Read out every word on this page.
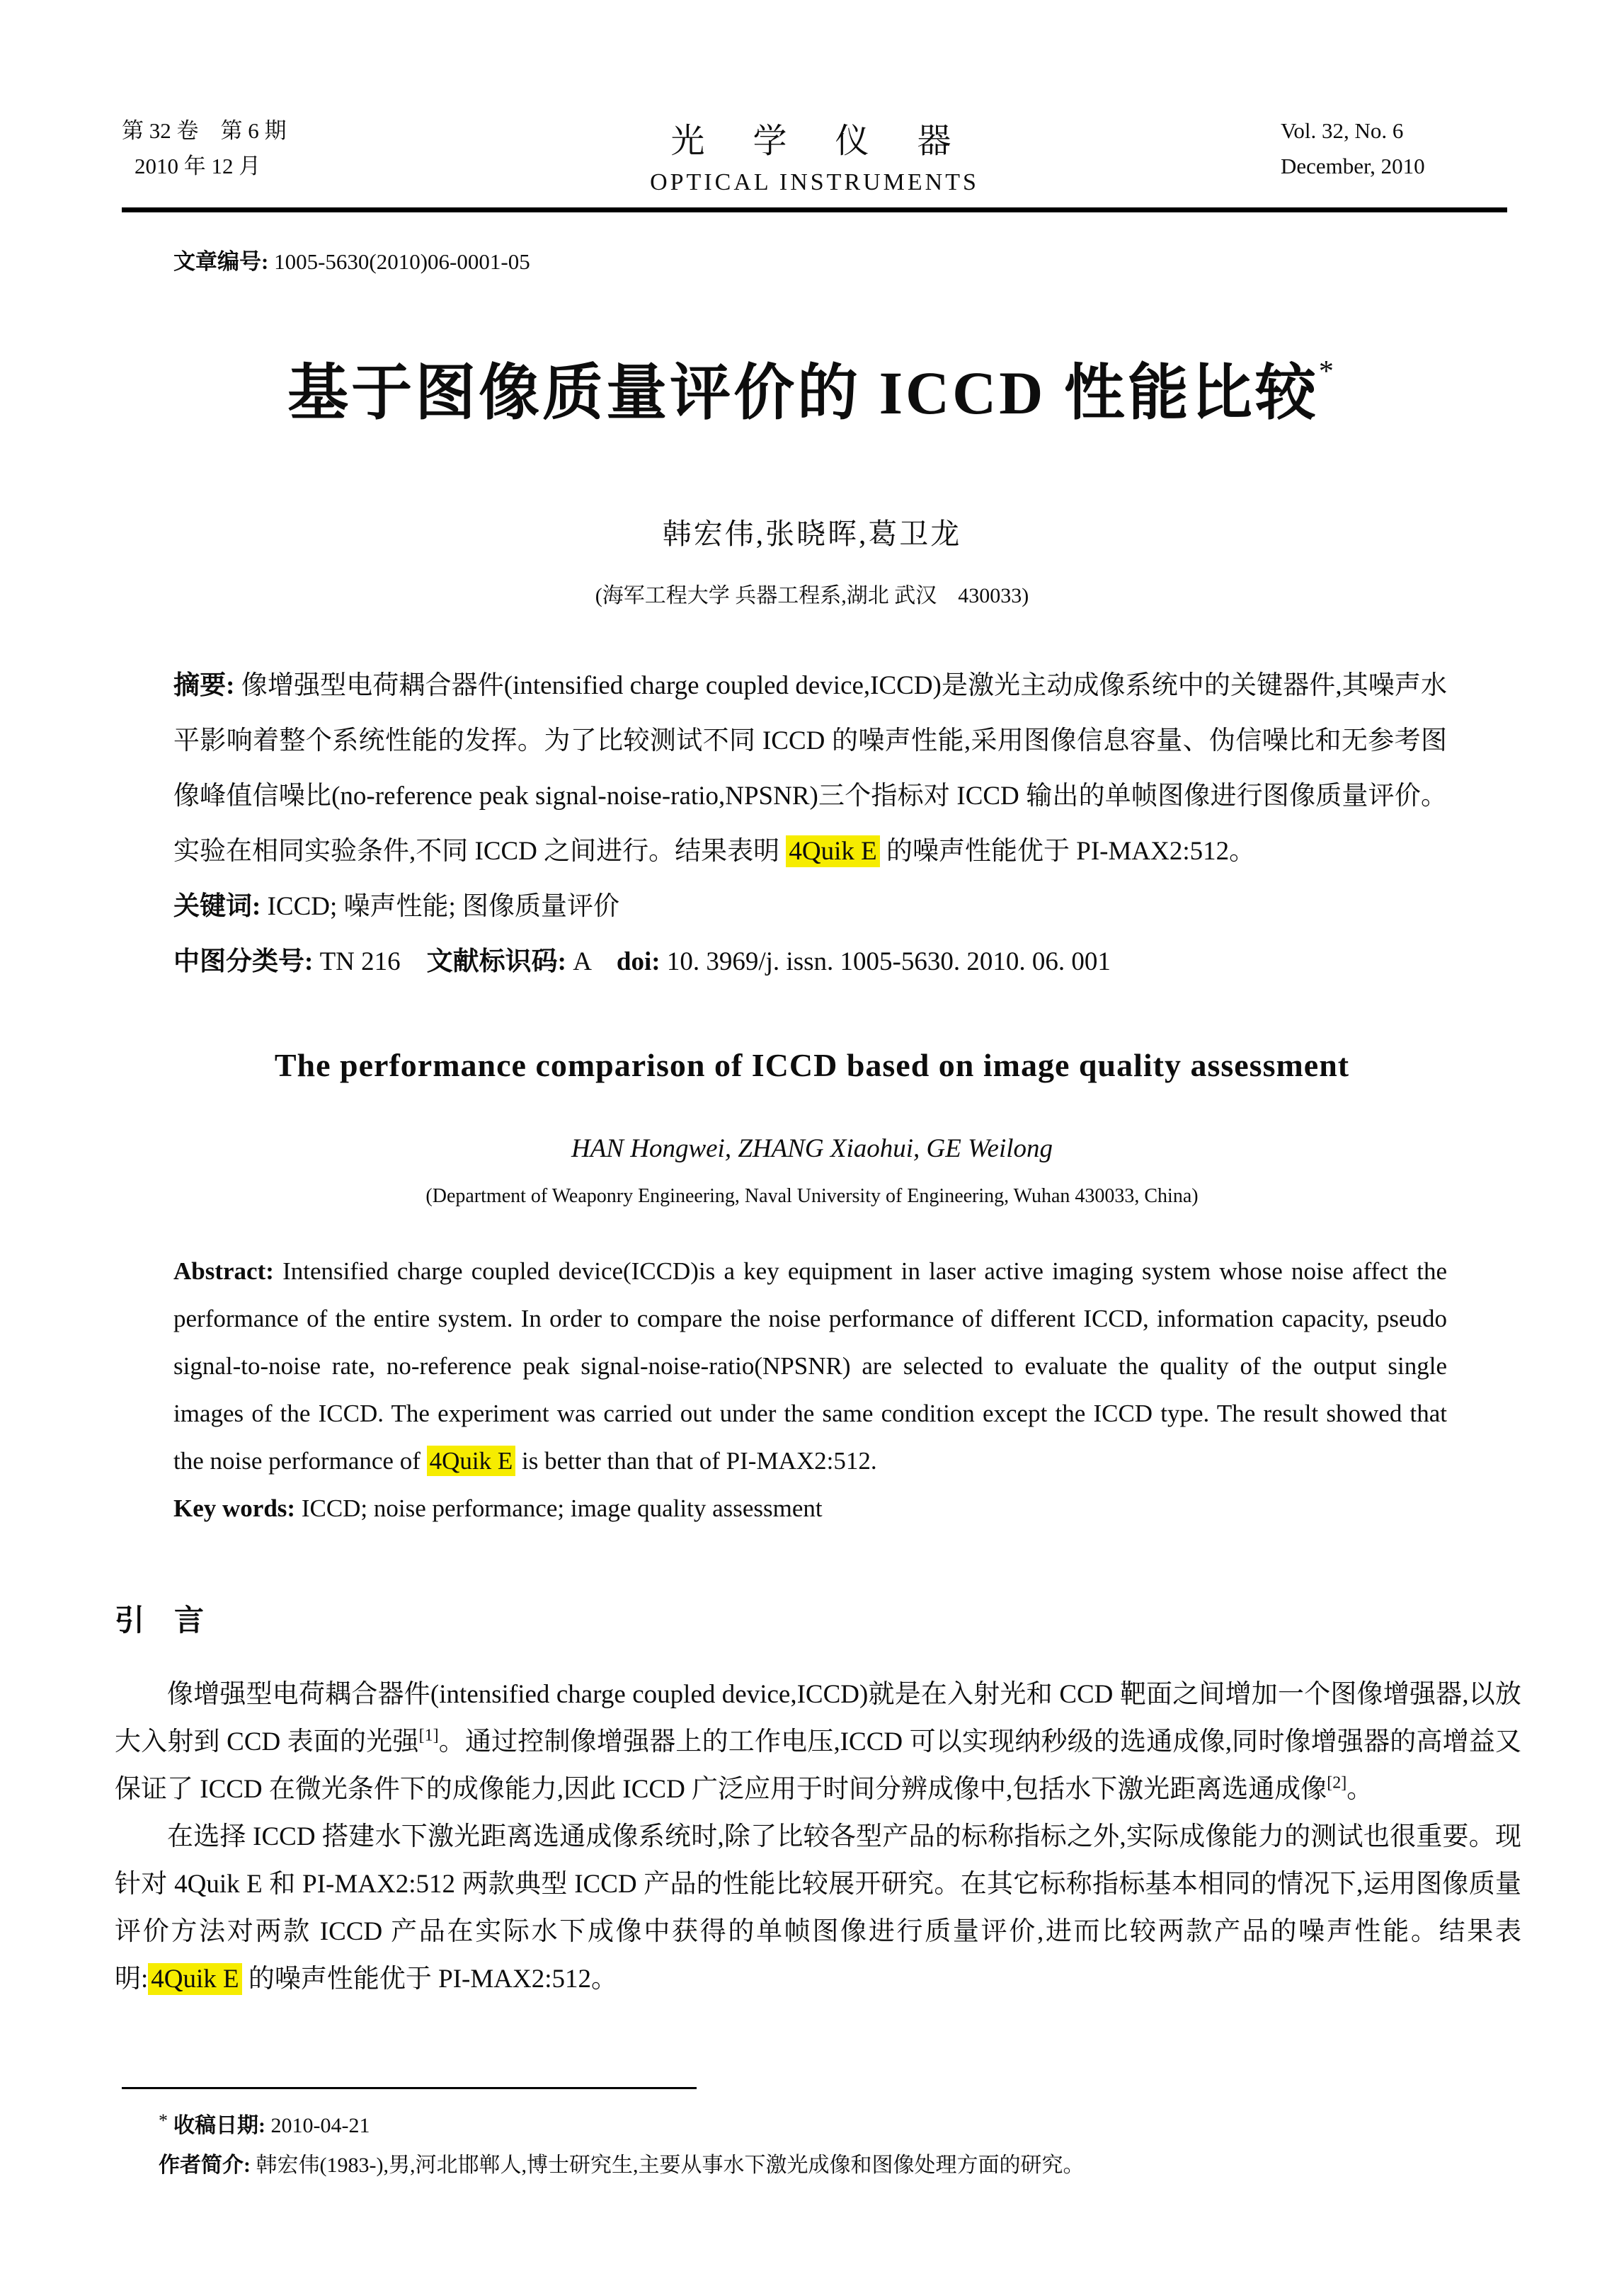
第 32 卷　第 6 期
2010 年 12 月
光　学　仪　器
OPTICAL INSTRUMENTS
Vol. 32, No. 6
December, 2010
文章编号: 1005-5630(2010)06-0001-05
基于图像质量评价的 ICCD 性能比较*
韩宏伟,张晓晖,葛卫龙
(海军工程大学 兵器工程系,湖北 武汉　430033)

摘要: 像增强型电荷耦合器件(intensified charge coupled device,ICCD)是激光主动成像系统中的关键器件,其噪声水平影响着整个系统性能的发挥。为了比较测试不同 ICCD 的噪声性能,采用图像信息容量、伪信噪比和无参考图像峰值信噪比(no-reference peak signal-noise-ratio,NPSNR)三个指标对 ICCD 输出的单帧图像进行图像质量评价。实验在相同实验条件,不同 ICCD 之间进行。结果表明 4Quik E 的噪声性能优于 PI-MAX2:512。

关键词: ICCD; 噪声性能; 图像质量评价

中图分类号: TN 216　文献标识码: A　doi: 10. 3969/j. issn. 1005-5630. 2010. 06. 001

The performance comparison of ICCD based on image quality assessment
HAN Hongwei, ZHANG Xiaohui, GE Weilong
(Department of Weaponry Engineering, Naval University of Engineering, Wuhan 430033, China)

Abstract: Intensified charge coupled device(ICCD)is a key equipment in laser active imaging system whose noise affect the performance of the entire system. In order to compare the noise performance of different ICCD, information capacity, pseudo signal-to-noise rate, no-reference peak signal-noise-ratio(NPSNR) are selected to evaluate the quality of the output single images of the ICCD. The experiment was carried out under the same condition except the ICCD type. The result showed that the noise performance of 4Quik E is better than that of PI-MAX2:512.

Key words: ICCD; noise performance; image quality assessment

引　言

像增强型电荷耦合器件(intensified charge coupled device,ICCD)就是在入射光和 CCD 靶面之间增加一个图像增强器,以放大入射到 CCD 表面的光强[1]。通过控制像增强器上的工作电压,ICCD 可以实现纳秒级的选通成像,同时像增强器的高增益又保证了 ICCD 在微光条件下的成像能力,因此 ICCD 广泛应用于时间分辨成像中,包括水下激光距离选通成像[2]。

在选择 ICCD 搭建水下激光距离选通成像系统时,除了比较各型产品的标称指标之外,实际成像能力的测试也很重要。现针对 4Quik E 和 PI-MAX2:512 两款典型 ICCD 产品的性能比较展开研究。在其它标称指标基本相同的情况下,运用图像质量评价方法对两款 ICCD 产品在实际水下成像中获得的单帧图像进行质量评价,进而比较两款产品的噪声性能。结果表明: 4Quik E 的噪声性能优于 PI-MAX2:512。

* 收稿日期: 2010-04-21
作者简介: 韩宏伟(1983-),男,河北邯郸人,博士研究生,主要从事水下激光成像和图像处理方面的研究。
